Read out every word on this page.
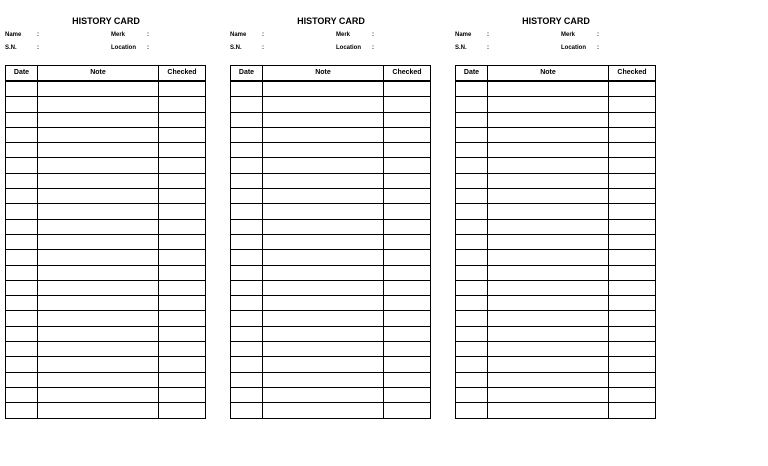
HISTORY CARD
Name	:	Merk	:
S.N.	:	Location :
Date	Note	Checked

HISTORY CARD
Name	:	Merk	:
S.N.	:	Location :
Date	Note	Checked

HISTORY CARD
Name	:	Merk	:
S.N.	:	Location :
Date	Note	Checked
